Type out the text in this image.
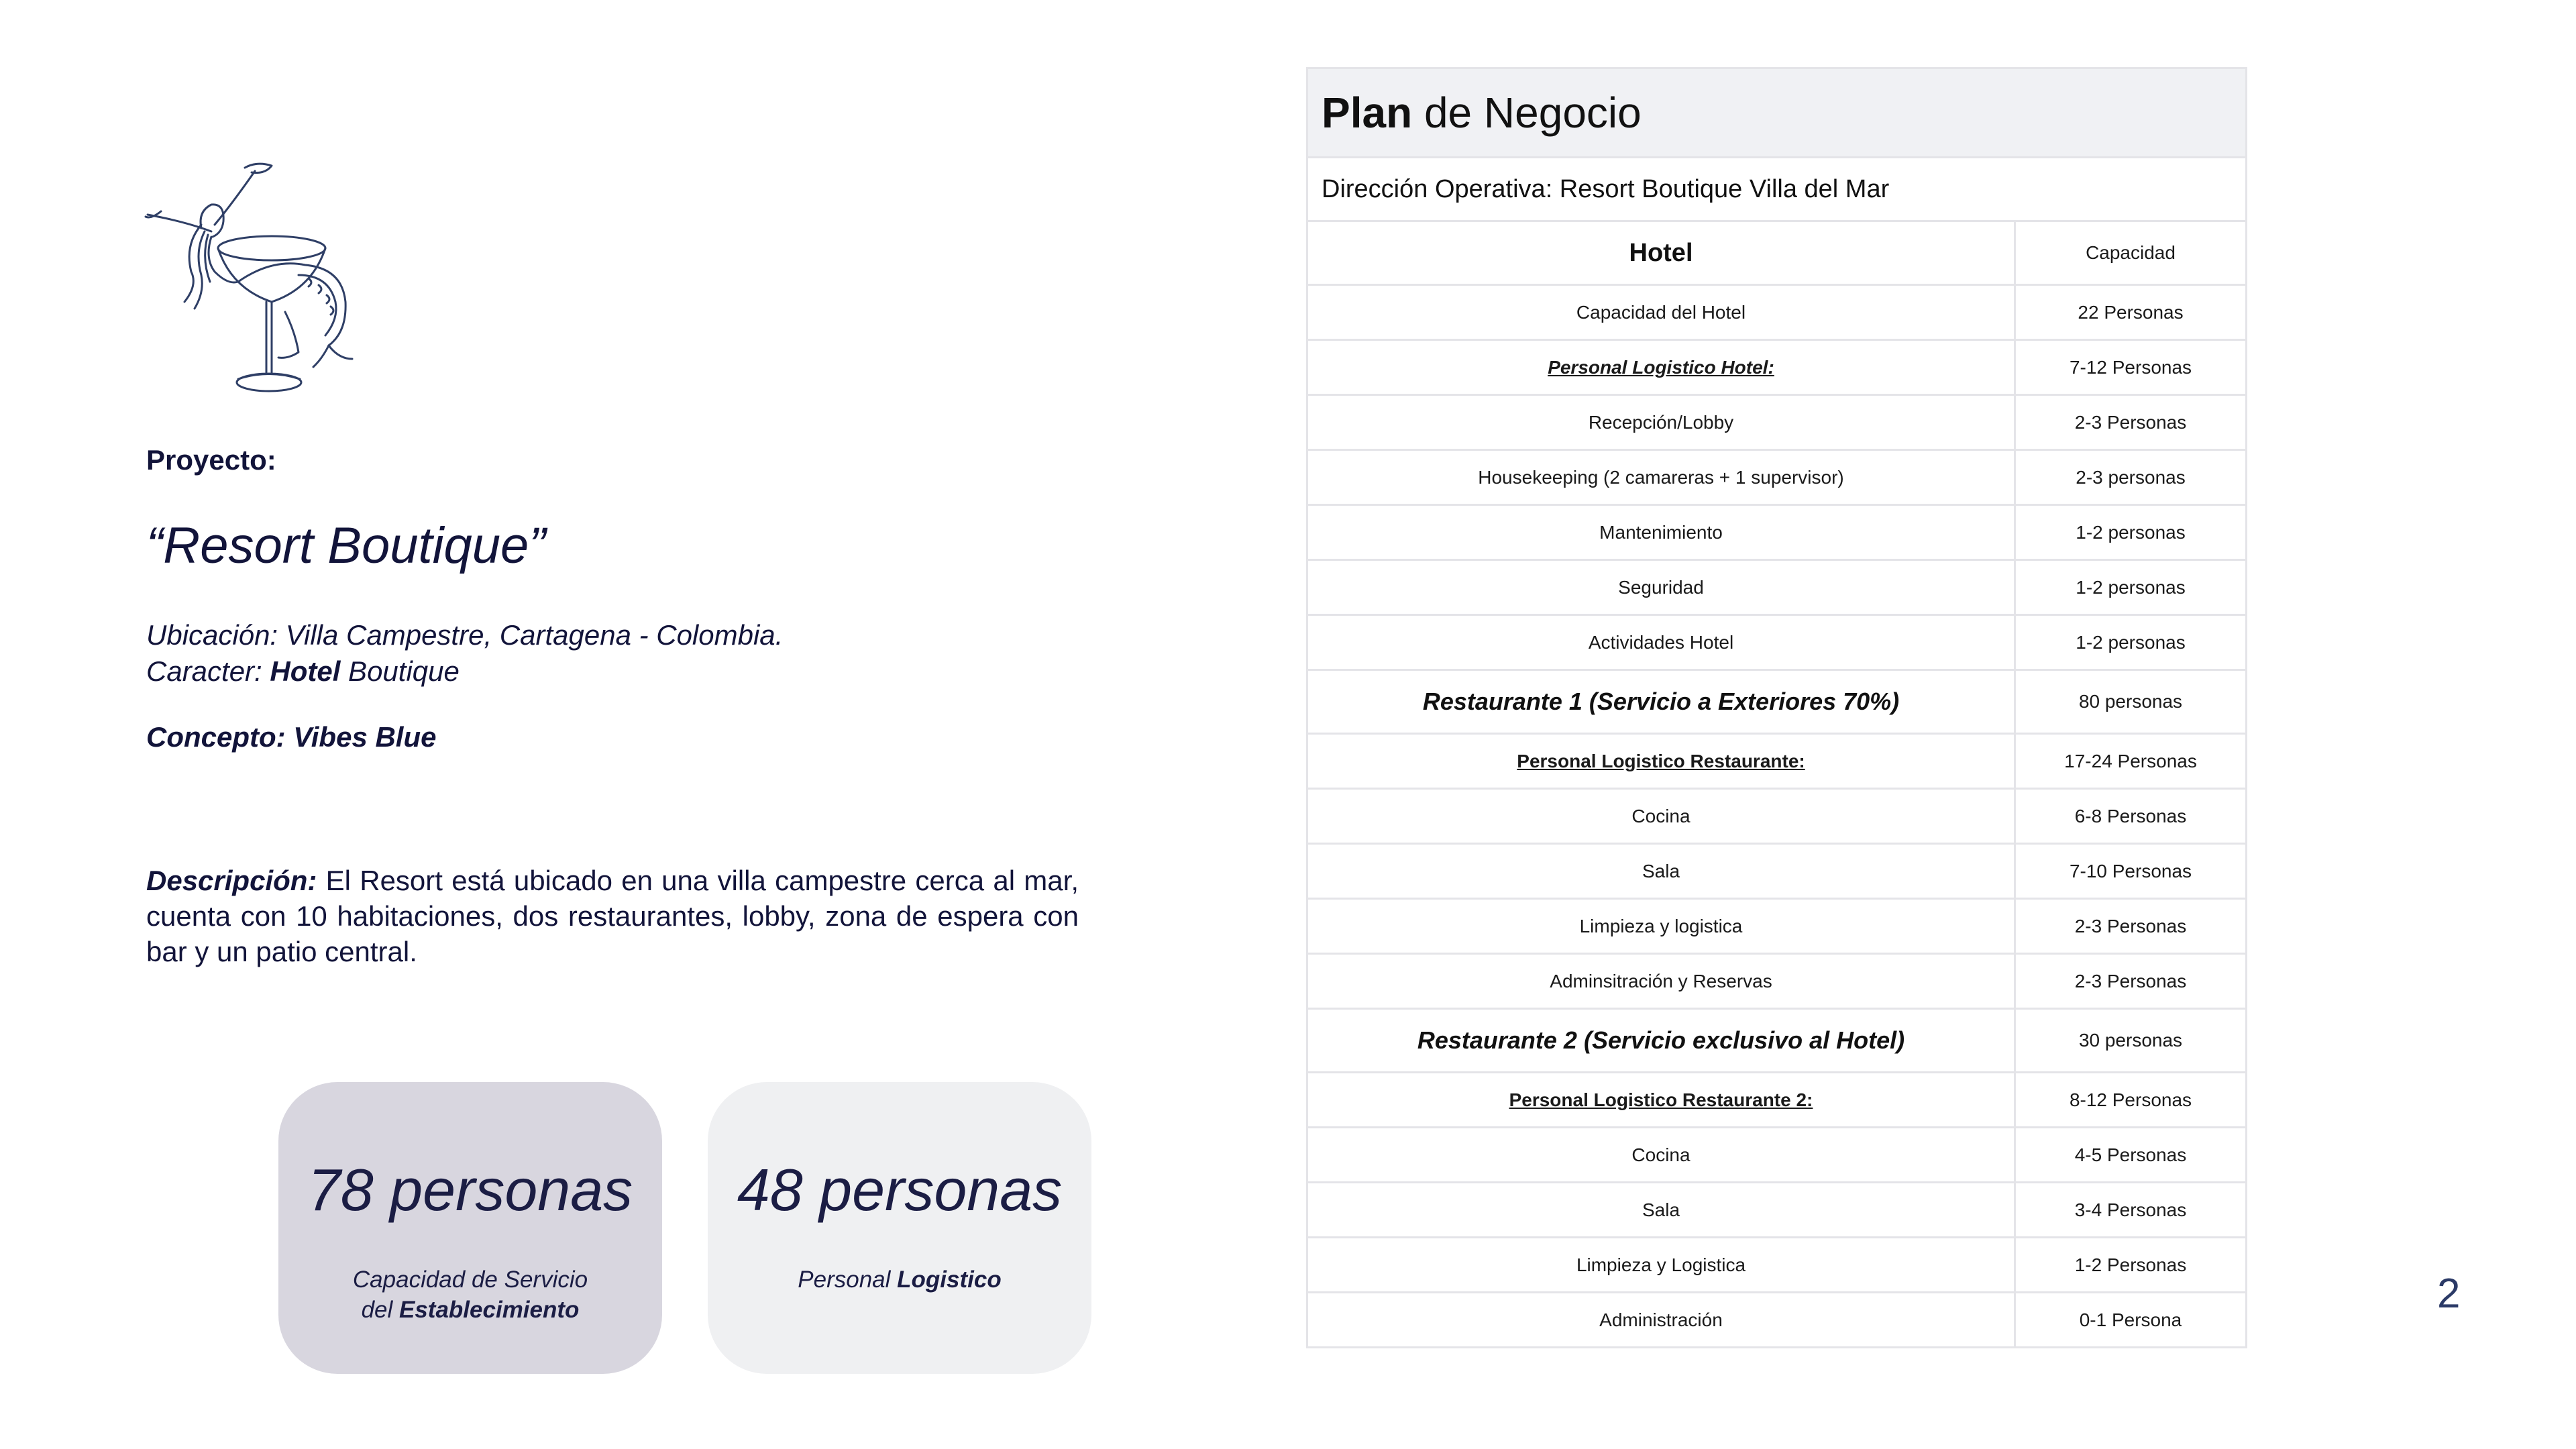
Proyecto:

“Resort Boutique”
Ubicación: Villa Campestre, Cartagena - Colombia.
Caracter: Hotel Boutique
Concepto: Vibes Blue

Descripción: El Resort está ubicado en una villa campestre cerca al mar, cuenta con 10 habitaciones, dos restaurantes, lobby, zona de espera con bar y un patio central.

78 personas
Capacidad de Servicio
del Establecimiento
48 personas
Personal Logistico
Plan de Negocio	
Dirección Operativa: Resort Boutique Villa del Mar	
Hotel	Capacidad
Capacidad del Hotel	22 Personas
Personal Logistico Hotel:	7-12 Personas
Recepción/Lobby	2-3 Personas
Housekeeping (2 camareras + 1 supervisor)	2-3 personas
Mantenimiento	1-2 personas
Seguridad	1-2 personas
Actividades Hotel	1-2 personas
Restaurante 1 (Servicio a Exteriores 70%)	80 personas
Personal Logistico Restaurante:	17-24 Personas
Cocina	6-8 Personas
Sala	7-10 Personas
Limpieza y logistica	2-3 Personas
Adminsitración y Reservas	2-3 Personas
Restaurante 2 (Servicio exclusivo al Hotel)	30 personas
Personal Logistico Restaurante 2:	8-12 Personas
Cocina	4-5 Personas
Sala	3-4 Personas
Limpieza y Logistica	1-2 Personas
Administración	0-1 Persona
2
